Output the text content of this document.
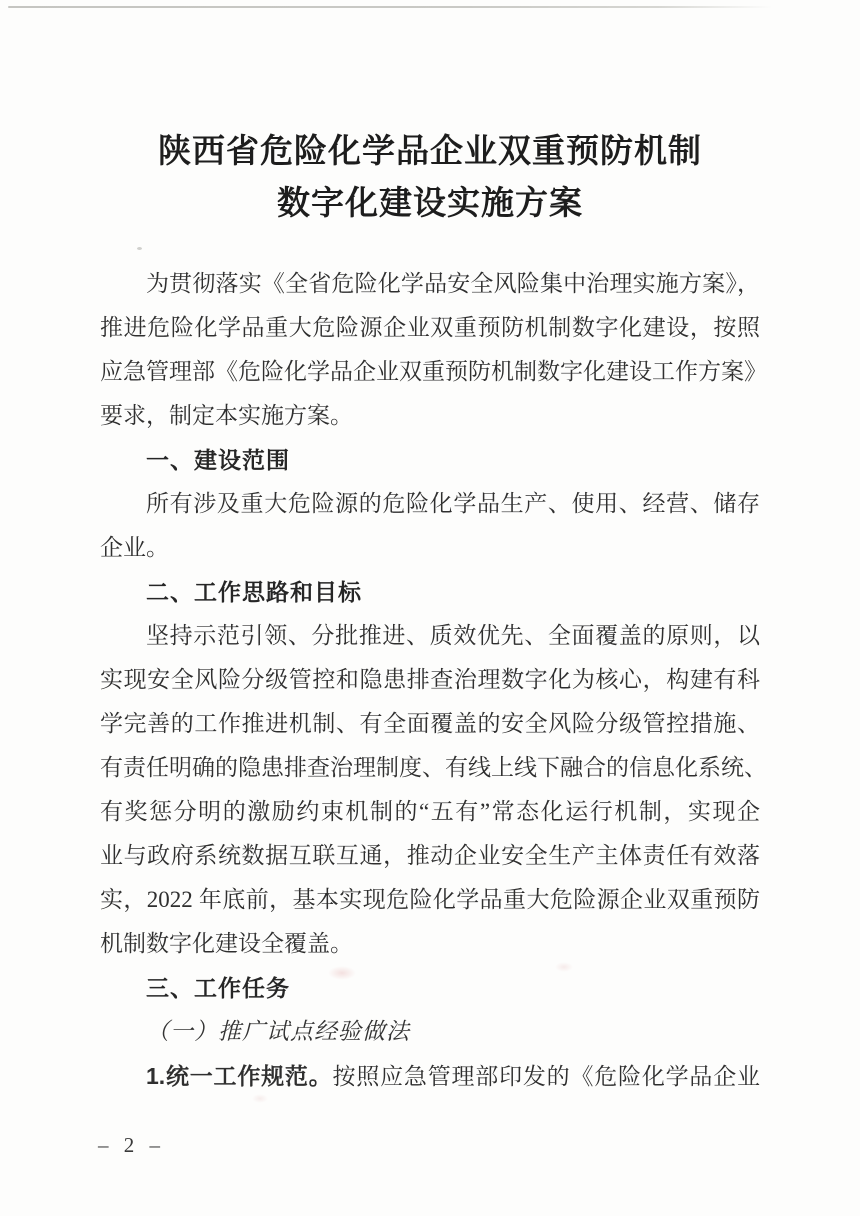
陕西省危险化学品企业双重预防机制
数字化建设实施方案

为贯彻落实《全省危险化学品安全风险集中治理实施方案》，

推进危险化学品重大危险源企业双重预防机制数字化建设，按照

应急管理部《危险化学品企业双重预防机制数字化建设工作方案》

要求，制定本实施方案。

一、建设范围

所有涉及重大危险源的危险化学品生产、使用、经营、储存

企业。

二、工作思路和目标

坚持示范引领、分批推进、质效优先、全面覆盖的原则，以

实现安全风险分级管控和隐患排查治理数字化为核心，构建有科

学完善的工作推进机制、有全面覆盖的安全风险分级管控措施、

有责任明确的隐患排查治理制度、有线上线下融合的信息化系统、

有奖惩分明的激励约束机制的“五有”常态化运行机制，实现企

业与政府系统数据互联互通，推动企业安全生产主体责任有效落

实，2022 年底前，基本实现危险化学品重大危险源企业双重预防

机制数字化建设全覆盖。

三、工作任务
（一）推广试点经验做法

1.统一工作规范。按照应急管理部印发的《危险化学品企业

– 2 –
